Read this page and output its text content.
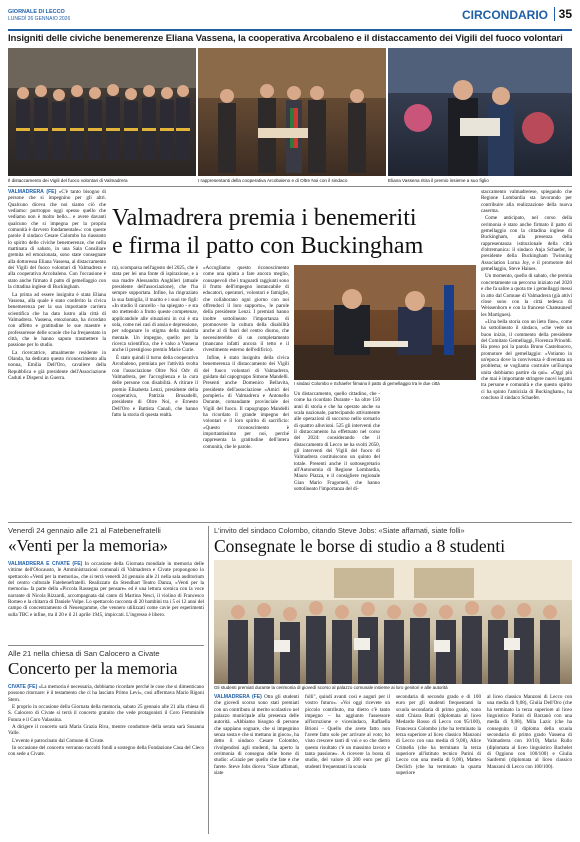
GIORNALE DI LECCO
LUNEDÌ 26 GENNAIO 2026	CIRCONDARIO 35
Insigniti delle civiche benemerenze Eliana Vassena, la cooperativa Arcobaleno e il distaccamento dei Vigili del fuoco volontari
Il distaccamento dei Vigili del fuoco volontari di Valmadrera	I rappresentanti della cooperativa Arcobaleno e di Oltre Noi con il sindaco	Eliana Vassena ritira il premio insieme a suo figlio
Valmadrera premia i benemeriti
e firma il patto con Buckingham

VALMADRERA (FE) «C'è tanto bisogno di persone che si impegnino per gli altri. Qualcuno diceva che noi siamo ciò che vediamo: purtroppo oggi spesso quello che vediamo non è molto bello... e avere davanti qualcuno che si impegna per la propria comunità è davvero fondamentale»: con queste parole il sindaco Cesare Colombo ha riassunto lo spirito delle civiche benemerenze, che nella mattinata di sabato, in una Sala Consiliare gremita ed emozionata, sono state consegnate alla dottoressa Eliana Vassena, al distaccamento dei Vigili del fuoco volontari di Valmadrera e alla cooperativa Arcobaleno. Con l'occasione è stato anche firmato il patto di gemellaggio con la cittadina inglese di Buckingham.

La prima ad essere insignita è stata Eliana Vassena, alla quale è stato conferito la civica benemerenza per la sua importante carriera scientifica che ha dato lustro alla città di Valmadrera. Vassena, emozionata, ha ricordato con affetto e gratitudine le sue maestre e professoresse delle scuole che ha frequentato in città, che le hanno saputo trasmettere la passione per lo studio.

La ricercatrice, attualmente residente in Olanda, ha dedicato questo riconoscimento alla nonna, Emilia Dell'Oro, cavaliere della Repubblica e già presidente dell'Associazione Caduti e Dispersi in Guerra.

ra), scomparsa nell'agosto del 2025, che è stata per lei una fonte di ispirazione, e a sua madre Alessandra Anghileri (attuale presidente dell'associazione), che l'ha sempre supportata. Infine, ha ringraziato la sua famiglia, il marito e i suoi tre figli: «In studio il cancello - ha spiegato - e sta sto mettendo a frutto queste competenze, applicandole alle situazioni in cui è sta sola, come nei casi di ansia e depressione, per sdoganare lo stigma della malattia mentale. Un impegno, quello per la ricerca scientifica, che è valso a Vassena anche il prestigioso premio Marie Curie.

È stato quindi il turno della cooperativa Arcobaleno, premiata per l'attività svolta con l'associazione Oltre Noi Odv di Valmadrera, per l'accoglienza e la cura delle persone con disabilità. A ritirare il premio Elisabetta Lenzi, presidente della cooperativa, Patrizia Brusadelli, presidente di Oltre Noi, e Ernesto Dell'Oro e Battista Canali, che hanno fatto la storia di questa realtà.

«Accogliamo questo riconoscimento come una spinta a fare ancora meglio, consapevoli che i traguardi raggiunti sono il frutto dell'impegno instancabile di educatori, operatori, volontari e famiglie, che collaborano ogni giorno con noi offrendoci il loro supporto», le parole della presidente Lenzi. I premiati hanno inoltre sottolineato l'importanza di promuovere la cultura della disabilità anche al di fuori del centro diurno, che necessiterebbe di un completamento (mancano infatti ancora il tetto e il rivestimento esterno dell'edificio).

Infine, è stato insignito della civica benemerenza il distaccamento dei Vigili del fuoco volontari di Valmadrera, guidato dal capogruppo Simone Mandelli. Presenti anche Domenico Bellavita, presidente dell'associazione «Amici dei pompieri» di Valmadrera e Antonello Durante, comandante provinciale dei Vigili del fuoco. Il capogruppo Mandelli ha ricordato il grande impegno dei volontari e il loro spirito di sacrificio: «Questo riconoscimento è importantissimo per noi, perché rappresenta la gratitudine dell'intera comunità, che le parole.

I sindaci Colombo e Schaefer firmano il patto di gemellaggio tra le due città

Un distaccamento, quello cittadino, che - come ha ricordato Durante - ha oltre 150 anni di storia e che ha operato anche su scala nazionale, partecipando attivamente alle operazioni di soccorso nello scenario di quattro alluvioni. 525 gli interventi che il distaccamento ha effettuato nel corso del 2024: considerando che il distaccamento di Lecco ne ha svolti 2650, gli interventi dei Vigili del fuoco di Valmadrera costituiscono un quinto del totale. Presenti anche il sottosegretario all'Autonomia di Regione Lombardia, Mauro Piazza, e il consigliere regionale Gian Mario Fragomeli, che hanno sottolineato l'importanza del di-

staccamento valmadrerese, spiegando che Regione Lombardia sta lavorando per contribuire alla realizzazione della nuova caserma.

Come anticipato, nel corso della cerimonia è stato anche firmato il patto di gemellaggio con la cittadina inglese di Buckingham, alla presenza della rappresentanza istituzionale della città d'oltremanica: il sindaco Anja Schaefer, le presidente della Buckingham Twinning Association Lorna Joy, e il promotore del gemellaggio, Steve Haines.

Un momento, quello di sabato, che premia concretamente un percorso iniziato nel 2020 e che fa salire a quota tre i gemellaggi messi in atto dal Comune di Valmadrera (già attivi close sono con la città tedesca di Weissenhorn e con la francese Chateauneuf les Martigues).

«Una bella storia con un lieto fine», come ha sottolineato il sindaco, «che vede un buon inizio, il commento della presidente del Comitato Gemellaggi, Fiorenza Prinoldi. Ha preso poi la parola Bruno Castelnuovo, promotore del gemellaggio: «Votiamo in un'epoca dove la convivenza è diventata un problema; se vogliamo costruire un'Europa unita dobbiamo partire da qui». «Oggi più che mai è importante stringere nuovi legami tra persone e comunità e che questo spirito ci ha spinto l'amicizia di Buckingham», ha concluso il sindaco Schaefer.

Venerdì 24 gennaio alle 21 al Fatebenefratelli
«Venti per la memoria»

VALMADRERA E CIVATE (FE) In occasione della Giornata mondiale in memoria delle vittime dell'Olocausto, le Amministrazioni comunali di Valmadrera e Civate propongono lo spettacolo «Venti per la memoria», che si terrà venerdì 24 gennaio alle 21 nella sala auditorium del centro culturale Fatebenefratelli. Realizzato da Stendhart Teatro Danza, «Venti per la memoria» fa parte della «Piccola Rassegna per pensare» ed è una lettura scenica con la voce narrante di Nicola Rizzardi, accompagnata dal canto di Martina Nesci, il violino di Francesco Romeo e la chitarra di Daniele Volpe. Lo spettacolo racconta di 20 bambini tra i 5 ei 12 anni del campo di concentramento di Neuengamme, che vennero utilizzati come cavie per esperimenti sulla TBC e infine, tra il 20 e il 21 aprile 1945, impiccati. L'ingresso è libero.

Alle 21 nella chiesa di San Calocero a Civate
Concerto per la memoria

CIVATE (FE) «La memoria è necessaria, dobbiamo ricordare perché le cose che si dimenticano possono ritornare: è il testamento che ci ha lasciato Primo Levi», così affermava Mario Rigoni Stern.

E proprio in occasione della Giornata della memoria, sabato 25 gennaio alle 21 alla chiesa di S. Calocero di Civate si terrà il concerto gratuito che vede protagonisti il Coro Femminile Futura e il Coro Valassina.

A dirigere il concerto sarà Maria Grazia Riva, mentre conduttore della serata sarà Susanna Valle.

L'evento è patrocinato dal Comune di Civate.

In occasione del concerto verranno raccolti fondi a sostegno della Fondazione Casa del Cieco con sede a Civate.

L'invito del sindaco Colombo, citando Steve Jobs: «Siate affamati, siate folli»
Consegnate le borse di studio a 8 studenti
Gli studenti premiati durante la cerimonia di giovedì scorso al palazzo comunale insieme ai loro genitori e alle autorità

VALMADRERA (FE) Otto gli studenti che giovedì scorso sono stati premiati con un contributo al merito scolastico nel palazzo municipale alla presenza delle autorità. «Abbiamo bisogno di persone che sappiano sognare, che si impegnino senza sosta e che si mettano in gioco», ha detto il sindaco Cesare Colombo, rivolgendosi agli studenti, ha aperto la cerimonia di consegna delle borse di studio: «Grazie per quello che fate e che farete. Steve Jobs diceva "Siate affamati, siate

folli", quindi avanti così e auguri per il vostro futuro». «Voi oggi ricevete un piccolo contributo, ma dietro c'è tanto impegno – ha aggiunto l'assessore all'istruzione e vicesindaco, Raffaella Brioni – Quello che avete fatto non l'avete fatto solo per arrivare al voto; ho visto crescere tanti di voi e so che dietro questo risultato c'è un massimo lavoro e tanta passione». A ricevere la borsa di studio, del valore di 200 euro per gli studenti frequentanti la scuola

secondaria di secondo grado e di 100 euro per gli studenti frequentanti la scuola secondaria di primo grado, sono stati Chiara Butti (diplomata al liceo Medardo Rosso di Lecco con 95/100), Francesca Colombo (che ha terminato la terza superiore al liceo classico Manzoni di Lecco con una media di 9,08), Alice Crimella (che ha terminato la terza superiore all'istituto tecnico Parini di Lecco con una media di 9,08), Matteo Declich (che ha terminato la quarta superiore

al liceo classico Manzoni di Lecco con una media di 9,08), Giulia Dell'Oro (che ha terminato la terza superiore al liceo linguistico Parini di Barzanò con una media di 9,08), Mila Lazic (che ha conseguito il diploma della scuola secondaria di primo grado Vassena di Valmadrera con 10/10), Maria Rullo (diplomata al liceo linguistico Bachelet di Oggiono con 100/100) e Giulia Sanfermi (diplomata al liceo classico Manzoni di Lecco con 100/100).
